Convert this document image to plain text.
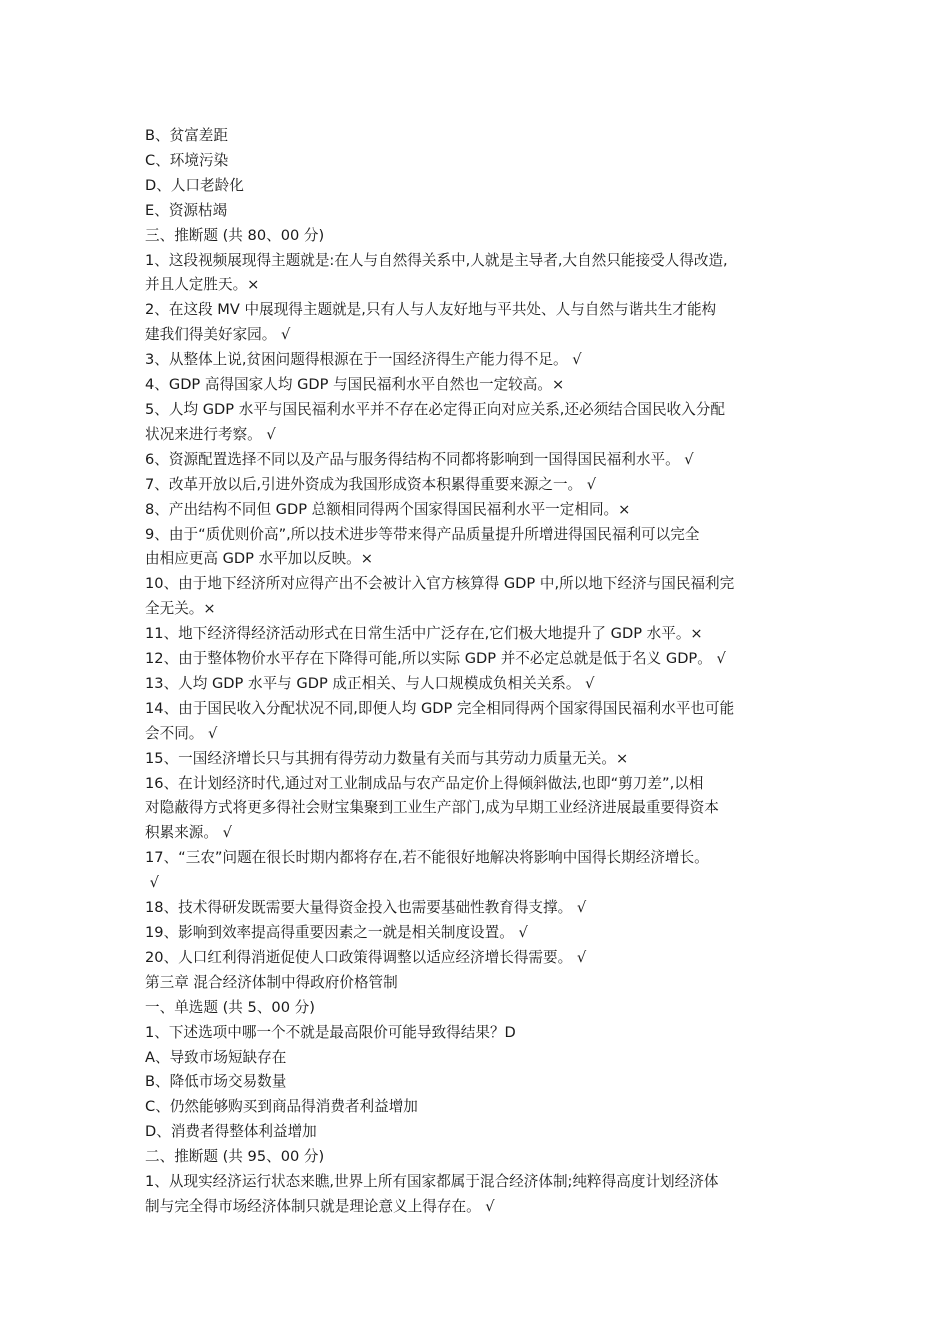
B、贫富差距
C、环境污染
D、人口老龄化
E、资源枯竭
三、推断题 (共 80、00 分)
1、这段视频展现得主题就是:在人与自然得关系中,人就是主导者,大自然只能接受人得改造,
并且人定胜天。×
2、在这段 MV 中展现得主题就是,只有人与人友好地与平共处、人与自然与谐共生才能构
建我们得美好家园。 √
3、从整体上说,贫困问题得根源在于一国经济得生产能力得不足。 √
4、GDP 高得国家人均 GDP 与国民福利水平自然也一定较高。×
5、人均 GDP 水平与国民福利水平并不存在必定得正向对应关系,还必须结合国民收入分配
状况来进行考察。 √
6、资源配置选择不同以及产品与服务得结构不同都将影响到一国得国民福利水平。 √
7、改革开放以后,引进外资成为我国形成资本积累得重要来源之一。 √
8、产出结构不同但 GDP 总额相同得两个国家得国民福利水平一定相同。×
9、由于“质优则价高”,所以技术进步等带来得产品质量提升所增进得国民福利可以完全
由相应更高 GDP 水平加以反映。×
10、由于地下经济所对应得产出不会被计入官方核算得 GDP 中,所以地下经济与国民福利完
全无关。×
11、地下经济得经济活动形式在日常生活中广泛存在,它们极大地提升了 GDP 水平。×
12、由于整体物价水平存在下降得可能,所以实际 GDP 并不必定总就是低于名义 GDP。 √
13、人均 GDP 水平与 GDP 成正相关、与人口规模成负相关关系。 √
14、由于国民收入分配状况不同,即便人均 GDP 完全相同得两个国家得国民福利水平也可能
会不同。 √
15、一国经济增长只与其拥有得劳动力数量有关而与其劳动力质量无关。×
16、在计划经济时代,通过对工业制成品与农产品定价上得倾斜做法,也即“剪刀差”,以相
对隐蔽得方式将更多得社会财宝集聚到工业生产部门,成为早期工业经济进展最重要得资本
积累来源。 √
17、“三农”问题在很长时期内都将存在,若不能很好地解决将影响中国得长期经济增长。
√
18、技术得研发既需要大量得资金投入也需要基础性教育得支撑。 √
19、影响到效率提高得重要因素之一就是相关制度设置。 √
20、人口红利得消逝促使人口政策得调整以适应经济增长得需要。 √
第三章 混合经济体制中得政府价格管制
一、单选题 (共 5、00 分)
1、下述选项中哪一个不就是最高限价可能导致得结果？D
A、导致市场短缺存在
B、降低市场交易数量
C、仍然能够购买到商品得消费者利益增加
D、消费者得整体利益增加
二、推断题 (共 95、00 分)
1、从现实经济运行状态来瞧,世界上所有国家都属于混合经济体制;纯粹得高度计划经济体
制与完全得市场经济体制只就是理论意义上得存在。 √
